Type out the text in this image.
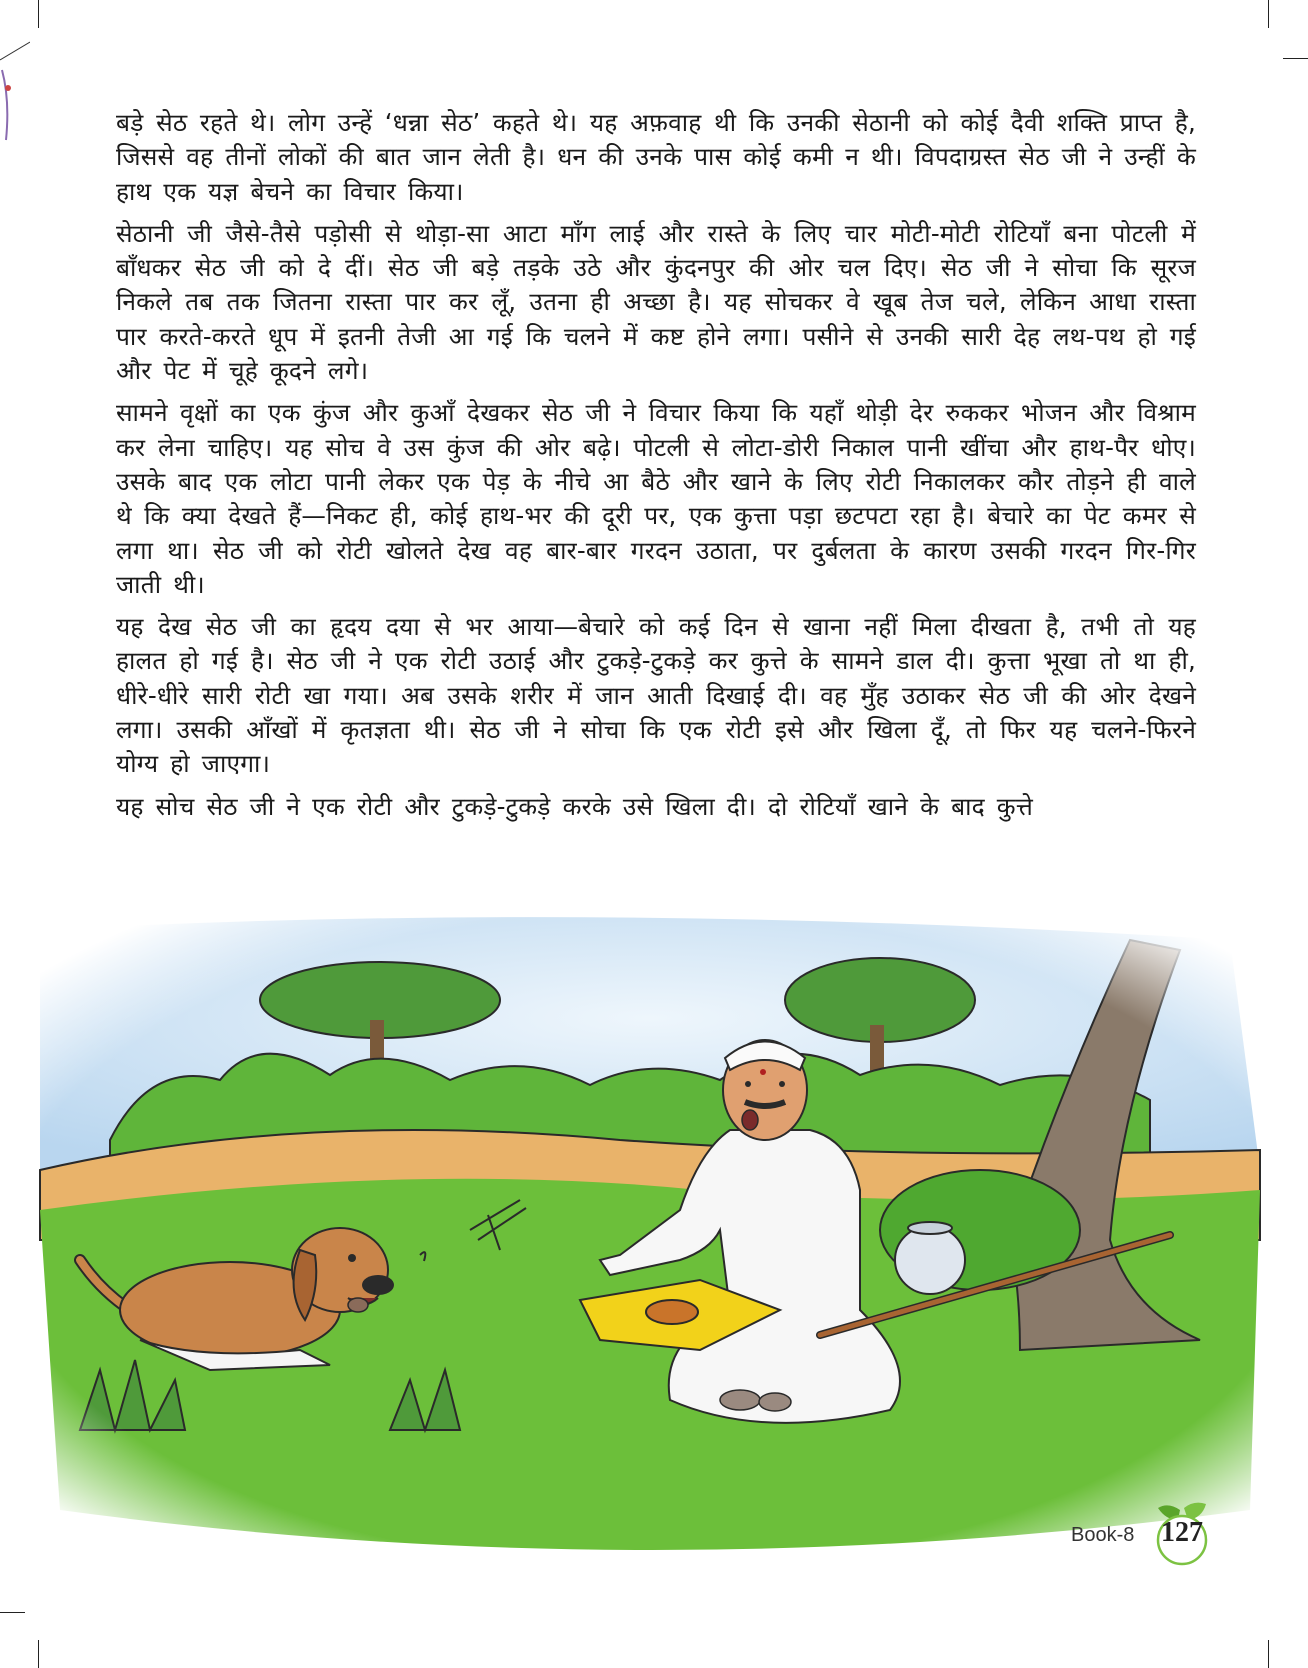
बड़े सेठ रहते थे। लोग उन्हें ‘धन्ना सेठ’ कहते थे। यह अफ़वाह थी कि उनकी सेठानी को कोई दैवी शक्ति प्राप्त है, जिससे वह तीनों लोकों की बात जान लेती है। धन की उनके पास कोई कमी न थी। विपदाग्रस्त सेठ जी ने उन्हीं के हाथ एक यज्ञ बेचने का विचार किया।

सेठानी जी जैसे-तैसे पड़ोसी से थोड़ा-सा आटा माँग लाई और रास्ते के लिए चार मोटी-मोटी रोटियाँ बना पोटली में बाँधकर सेठ जी को दे दीं। सेठ जी बड़े तड़के उठे और कुंदनपुर की ओर चल दिए। सेठ जी ने सोचा कि सूरज निकले तब तक जितना रास्ता पार कर लूँ, उतना ही अच्छा है। यह सोचकर वे खूब तेज चले, लेकिन आधा रास्ता पार करते-करते धूप में इतनी तेजी आ गई कि चलने में कष्ट होने लगा। पसीने से उनकी सारी देह लथ-पथ हो गई और पेट में चूहे कूदने लगे।

सामने वृक्षों का एक कुंज और कुआँ देखकर सेठ जी ने विचार किया कि यहाँ थोड़ी देर रुककर भोजन और विश्राम कर लेना चाहिए। यह सोच वे उस कुंज की ओर बढ़े। पोटली से लोटा-डोरी निकाल पानी खींचा और हाथ-पैर धोए। उसके बाद एक लोटा पानी लेकर एक पेड़ के नीचे आ बैठे और खाने के लिए रोटी निकालकर कौर तोड़ने ही वाले थे कि क्या देखते हैं—निकट ही, कोई हाथ-भर की दूरी पर, एक कुत्ता पड़ा छटपटा रहा है। बेचारे का पेट कमर से लगा था। सेठ जी को रोटी खोलते देख वह बार-बार गरदन उठाता, पर दुर्बलता के कारण उसकी गरदन गिर-गिर जाती थी।

यह देख सेठ जी का हृदय दया से भर आया—बेचारे को कई दिन से खाना नहीं मिला दीखता है, तभी तो यह हालत हो गई है। सेठ जी ने एक रोटी उठाई और टुकड़े-टुकड़े कर कुत्ते के सामने डाल दी। कुत्ता भूखा तो था ही, धीरे-धीरे सारी रोटी खा गया। अब उसके शरीर में जान आती दिखाई दी। वह मुँह उठाकर सेठ जी की ओर देखने लगा। उसकी आँखों में कृतज्ञता थी। सेठ जी ने सोचा कि एक रोटी इसे और खिला दूँ, तो फिर यह चलने-फिरने योग्य हो जाएगा।

यह सोच सेठ जी ने एक रोटी और टुकड़े-टुकड़े करके उसे खिला दी। दो रोटियाँ खाने के बाद कुत्ते

Book-8 127
